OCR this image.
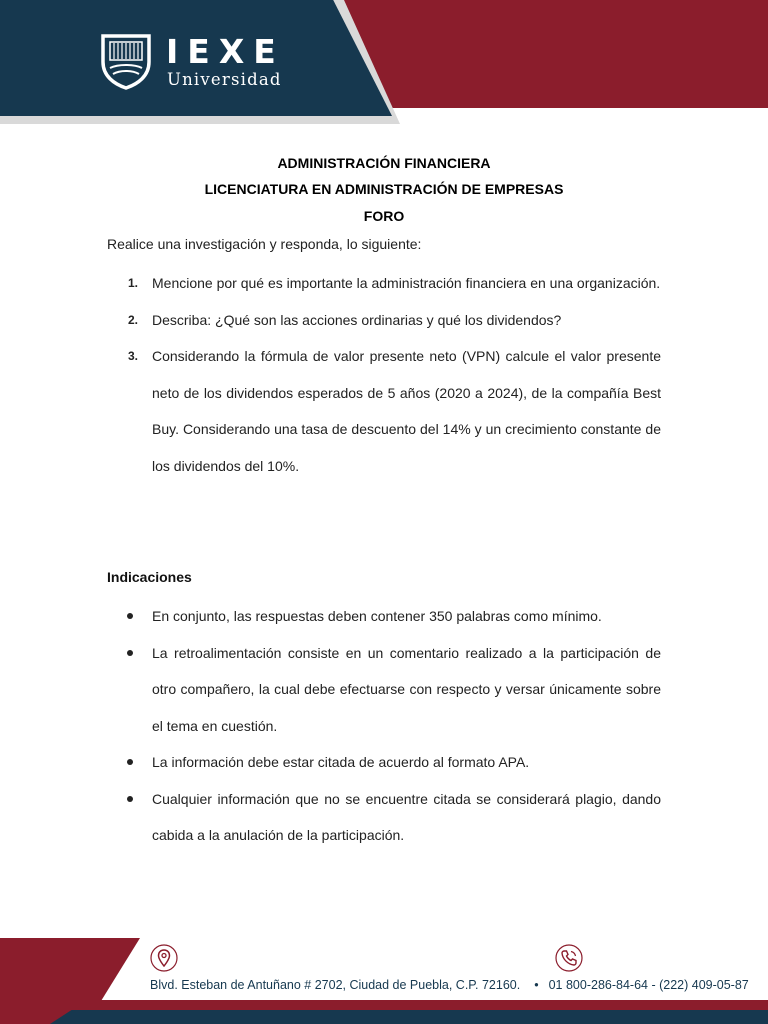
IEXE
Universidad
ADMINISTRACIÓN FINANCIERA
LICENCIATURA EN ADMINISTRACIÓN DE EMPRESAS
FORO
Realice una investigación y responda, lo siguiente:
1. Mencione por qué es importante la administración financiera en una organización.
2. Describa: ¿Qué son las acciones ordinarias y qué los dividendos?
3. Considerando la fórmula de valor presente neto (VPN) calcule el valor presente neto de los dividendos esperados de 5 años (2020 a 2024), de la compañía Best Buy. Considerando una tasa de descuento del 14% y un crecimiento constante de los dividendos del 10%.
Indicaciones
En conjunto, las respuestas deben contener 350 palabras como mínimo.
La retroalimentación consiste en un comentario realizado a la participación de otro compañero, la cual debe efectuarse con respecto y versar únicamente sobre el tema en cuestión.
La información debe estar citada de acuerdo al formato APA.
Cualquier información que no se encuentre citada se considerará plagio, dando cabida a la anulación de la participación.
Blvd. Esteban de Antuñano # 2702, Ciudad de Puebla, C.P. 72160. • 01 800-286-84-64 - (222) 409-05-87
